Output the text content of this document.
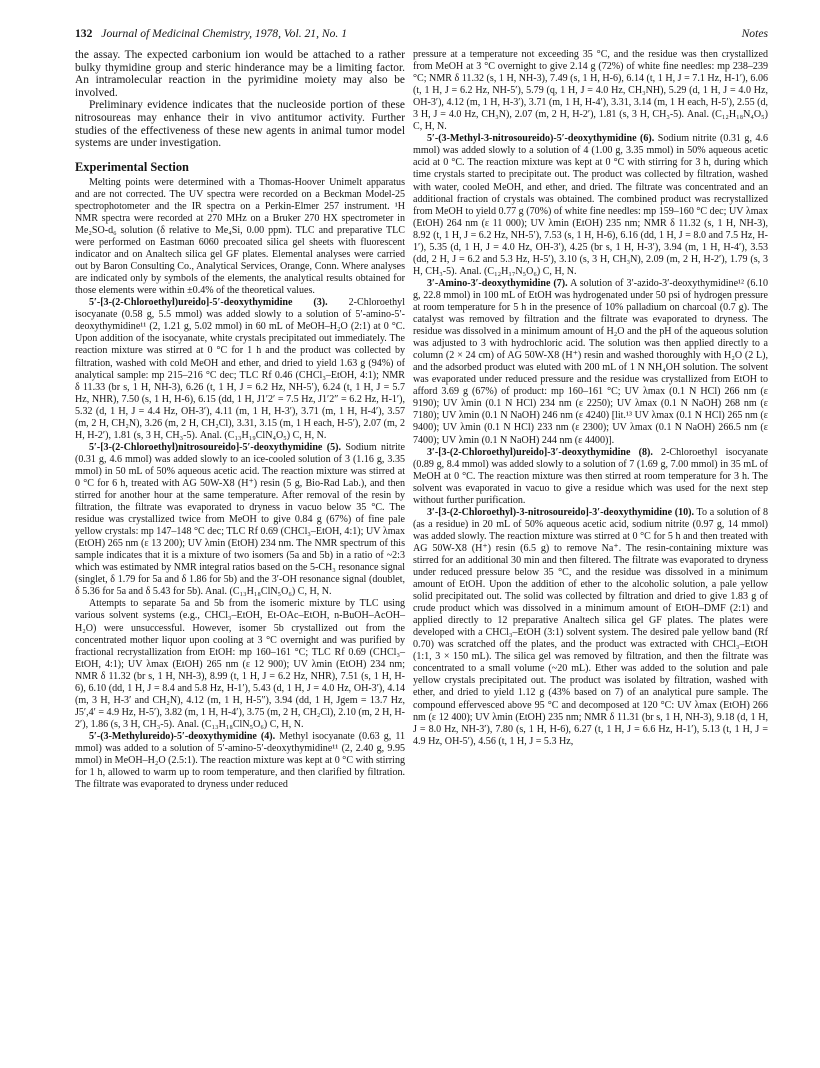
132 Journal of Medicinal Chemistry, 1978, Vol. 21, No. 1	Notes

the assay. The expected carbonium ion would be attached to a rather bulky thymidine group and steric hinderance may be a limiting factor. An intramolecular reaction in the pyrimidine moiety may also be involved.

Preliminary evidence indicates that the nucleoside portion of these nitrosoureas may enhance their in vivo antitumor activity. Further studies of the effectiveness of these new agents in animal tumor model systems are under investigation.

Experimental Section

Melting points were determined with a Thomas-Hoover Unimelt apparatus and are not corrected. The UV spectra were recorded on a Beckman Model-25 spectrophotometer and the IR spectra on a Perkin-Elmer 257 instrument. ¹H NMR spectra were recorded at 270 MHz on a Bruker 270 HX spectrometer in Me₂SO-d₆ solution (δ relative to Me₄Si, 0.00 ppm). TLC and preparative TLC were performed on Eastman 6060 precoated silica gel sheets with fluorescent indicator and on Analtech silica gel GF plates. Elemental analyses were carried out by Baron Consulting Co., Analytical Services, Orange, Conn. Where analyses are indicated only by symbols of the elements, the analytical results obtained for those elements were within ±0.4% of the theoretical values.

5′-[3-(2-Chloroethyl)ureido]-5′-deoxythymidine (3). 2-Chloroethyl isocyanate (0.58 g, 5.5 mmol) was added slowly to a solution of 5′-amino-5′-deoxythymidine¹¹ (2, 1.21 g, 5.02 mmol) in 60 mL of MeOH–H₂O (2:1) at 0 °C. Upon addition of the isocyanate, white crystals precipitated out immediately. The reaction mixture was stirred at 0 °C for 1 h and the product was collected by filtration, washed with cold MeOH and ether, and dried to yield 1.63 g (94%) of analytical sample: mp 215–216 °C dec; TLC Rf 0.46 (CHCl₃–EtOH, 4:1); NMR δ 11.33 (br s, 1 H, NH-3), 6.26 (t, 1 H, J = 6.2 Hz, NH-5′), 6.24 (t, 1 H, J = 5.7 Hz, NHR), 7.50 (s, 1 H, H-6), 6.15 (dd, 1 H, J1′2′ = 7.5 Hz, J1′2″ = 6.2 Hz, H-1′), 5.32 (d, 1 H, J = 4.4 Hz, OH-3′), 4.11 (m, 1 H, H-3′), 3.71 (m, 1 H, H-4′), 3.57 (m, 2 H, CH₂N), 3.26 (m, 2 H, CH₂Cl), 3.31, 3.15 (m, 1 H each, H-5′), 2.07 (m, 2 H, H-2′), 1.81 (s, 3 H, CH₃-5). Anal. (C₁₃H₁₉ClN₄O₅) C, H, N.

5′-[3-(2-Chloroethyl)nitrosoureido]-5′-deoxythymidine (5). Sodium nitrite (0.31 g, 4.6 mmol) was added slowly to an ice-cooled solution of 3 (1.16 g, 3.35 mmol) in 50 mL of 50% aqueous acetic acid. The reaction mixture was stirred at 0 °C for 6 h, treated with AG 50W-X8 (H⁺) resin (5 g, Bio-Rad Lab.), and then stirred for another hour at the same temperature. After removal of the resin by filtration, the filtrate was evaporated to dryness in vacuo below 35 °C. The residue was crystallized twice from MeOH to give 0.84 g (67%) of fine pale yellow crystals: mp 147–148 °C dec; TLC Rf 0.69 (CHCl₃–EtOH, 4:1); UV λmax (EtOH) 265 nm (ε 13 200); UV λmin (EtOH) 234 nm. The NMR spectrum of this sample indicates that it is a mixture of two isomers (5a and 5b) in a ratio of ~2:3 which was estimated by NMR integral ratios based on the 5-CH₃ resonance signal (singlet, δ 1.79 for 5a and δ 1.86 for 5b) and the 3′-OH resonance signal (doublet, δ 5.36 for 5a and δ 5.43 for 5b). Anal. (C₁₃H₁₈ClN₅O₆) C, H, N.

Attempts to separate 5a and 5b from the isomeric mixture by TLC using various solvent systems (e.g., CHCl₃–EtOH, Et-OAc–EtOH, n-BuOH–AcOH–H₂O) were unsuccessful. However, isomer 5b crystallized out from the concentrated mother liquor upon cooling at 3 °C overnight and was purified by fractional recrystallization from EtOH: mp 160–161 °C; TLC Rf 0.69 (CHCl₃–EtOH, 4:1); UV λmax (EtOH) 265 nm (ε 12 900); UV λmin (EtOH) 234 nm; NMR δ 11.32 (br s, 1 H, NH-3), 8.99 (t, 1 H, J = 6.2 Hz, NHR), 7.51 (s, 1 H, H-6), 6.10 (dd, 1 H, J = 8.4 and 5.8 Hz, H-1′), 5.43 (d, 1 H, J = 4.0 Hz, OH-3′), 4.14 (m, 3 H, H-3′ and CH₂N), 4.12 (m, 1 H, H-5″), 3.94 (dd, 1 H, Jgem = 13.7 Hz, J5′,4′ = 4.9 Hz, H-5′), 3.82 (m, 1 H, H-4′), 3.75 (m, 2 H, CH₂Cl), 2.10 (m, 2 H, H-2′), 1.86 (s, 3 H, CH₃-5). Anal. (C₁₃H₁₈ClN₅O₆) C, H, N.

5′-(3-Methylureido)-5′-deoxythymidine (4). Methyl isocyanate (0.63 g, 11 mmol) was added to a solution of 5′-amino-5′-deoxythymidine¹¹ (2, 2.40 g, 9.95 mmol) in MeOH–H₂O (2.5:1). The reaction mixture was kept at 0 °C with stirring for 1 h, allowed to warm up to room temperature, and then clarified by filtration. The filtrate was evaporated to dryness under reduced

pressure at a temperature not exceeding 35 °C, and the residue was then crystallized from MeOH at 3 °C overnight to give 2.14 g (72%) of white fine needles: mp 238–239 °C; NMR δ 11.32 (s, 1 H, NH-3), 7.49 (s, 1 H, H-6), 6.14 (t, 1 H, J = 7.1 Hz, H-1′), 6.06 (t, 1 H, J = 6.2 Hz, NH-5′), 5.79 (q, 1 H, J = 4.0 Hz, CH₃NH), 5.29 (d, 1 H, J = 4.0 Hz, OH-3′), 4.12 (m, 1 H, H-3′), 3.71 (m, 1 H, H-4′), 3.31, 3.14 (m, 1 H each, H-5′), 2.55 (d, 3 H, J = 4.0 Hz, CH₃N), 2.07 (m, 2 H, H-2′), 1.81 (s, 3 H, CH₃-5). Anal. (C₁₂H₁₈N₄O₅) C, H, N.

5′-(3-Methyl-3-nitrosoureido)-5′-deoxythymidine (6). Sodium nitrite (0.31 g, 4.6 mmol) was added slowly to a solution of 4 (1.00 g, 3.35 mmol) in 50% aqueous acetic acid at 0 °C. The reaction mixture was kept at 0 °C with stirring for 3 h, during which time crystals started to precipitate out. The product was collected by filtration, washed with water, cooled MeOH, and ether, and dried. The filtrate was concentrated and an additional fraction of crystals was obtained. The combined product was recrystallized from MeOH to yield 0.77 g (70%) of white fine needles: mp 159–160 °C dec; UV λmax (EtOH) 264 nm (ε 11 000); UV λmin (EtOH) 235 nm; NMR δ 11.32 (s, 1 H, NH-3), 8.92 (t, 1 H, J = 6.2 Hz, NH-5′), 7.53 (s, 1 H, H-6), 6.16 (dd, 1 H, J = 8.0 and 7.5 Hz, H-1′), 5.35 (d, 1 H, J = 4.0 Hz, OH-3′), 4.25 (br s, 1 H, H-3′), 3.94 (m, 1 H, H-4′), 3.53 (dd, 2 H, J = 6.2 and 5.3 Hz, H-5′), 3.10 (s, 3 H, CH₃N), 2.09 (m, 2 H, H-2′), 1.79 (s, 3 H, CH₃-5). Anal. (C₁₂H₁₇N₅O₆) C, H, N.

3′-Amino-3′-deoxythymidine (7). A solution of 3′-azido-3′-deoxythymidine¹² (6.10 g, 22.8 mmol) in 100 mL of EtOH was hydrogenated under 50 psi of hydrogen pressure at room temperature for 5 h in the presence of 10% palladium on charcoal (0.7 g). The catalyst was removed by filtration and the filtrate was evaporated to dryness. The residue was dissolved in a minimum amount of H₂O and the pH of the aqueous solution was adjusted to 3 with hydrochloric acid. The solution was then applied directly to a column (2 × 24 cm) of AG 50W-X8 (H⁺) resin and washed thoroughly with H₂O (2 L), and the adsorbed product was eluted with 200 mL of 1 N NH₄OH solution. The solvent was evaporated under reduced pressure and the residue was crystallized from EtOH to afford 3.69 g (67%) of product: mp 160–161 °C; UV λmax (0.1 N HCl) 266 nm (ε 9190); UV λmin (0.1 N HCl) 234 nm (ε 2250); UV λmax (0.1 N NaOH) 268 nm (ε 7180); UV λmin (0.1 N NaOH) 246 nm (ε 4240) [lit.¹³ UV λmax (0.1 N HCl) 265 nm (ε 9400); UV λmin (0.1 N HCl) 233 nm (ε 2300); UV λmax (0.1 N NaOH) 266.5 nm (ε 7400); UV λmin (0.1 N NaOH) 244 nm (ε 4400)].

3′-[3-(2-Chloroethyl)ureido]-3′-deoxythymidine (8). 2-Chloroethyl isocyanate (0.89 g, 8.4 mmol) was added slowly to a solution of 7 (1.69 g, 7.00 mmol) in 35 mL of MeOH at 0 °C. The reaction mixture was then stirred at room temperature for 3 h. The solvent was evaporated in vacuo to give a residue which was used for the next step without further purification.

3′-[3-(2-Chloroethyl)-3-nitrosoureido]-3′-deoxythymidine (10). To a solution of 8 (as a residue) in 20 mL of 50% aqueous acetic acid, sodium nitrite (0.97 g, 14 mmol) was added slowly. The reaction mixture was stirred at 0 °C for 5 h and then treated with AG 50W-X8 (H⁺) resin (6.5 g) to remove Na⁺. The resin-containing mixture was stirred for an additional 30 min and then filtered. The filtrate was evaporated to dryness under reduced pressure below 35 °C, and the residue was dissolved in a minimum amount of EtOH. Upon the addition of ether to the alcoholic solution, a pale yellow solid precipitated out. The solid was collected by filtration and dried to give 1.83 g of crude product which was dissolved in a minimum amount of EtOH–DMF (2:1) and applied directly to 12 preparative Analtech silica gel GF plates. The plates were developed with a CHCl₃–EtOH (3:1) solvent system. The desired pale yellow band (Rf 0.70) was scratched off the plates, and the product was extracted with CHCl₃–EtOH (1:1, 3 × 150 mL). The silica gel was removed by filtration, and then the filtrate was concentrated to a small volume (~20 mL). Ether was added to the solution and pale yellow crystals precipitated out. The product was isolated by filtration, washed with ether, and dried to yield 1.12 g (43% based on 7) of an analytical pure sample. The compound effervesced above 95 °C and decomposed at 120 °C: UV λmax (EtOH) 266 nm (ε 12 400); UV λmin (EtOH) 235 nm; NMR δ 11.31 (br s, 1 H, NH-3), 9.18 (d, 1 H, J = 8.0 Hz, NH-3′), 7.80 (s, 1 H, H-6), 6.27 (t, 1 H, J = 6.6 Hz, H-1′), 5.13 (t, 1 H, J = 4.9 Hz, OH-5′), 4.56 (t, 1 H, J = 5.3 Hz,
